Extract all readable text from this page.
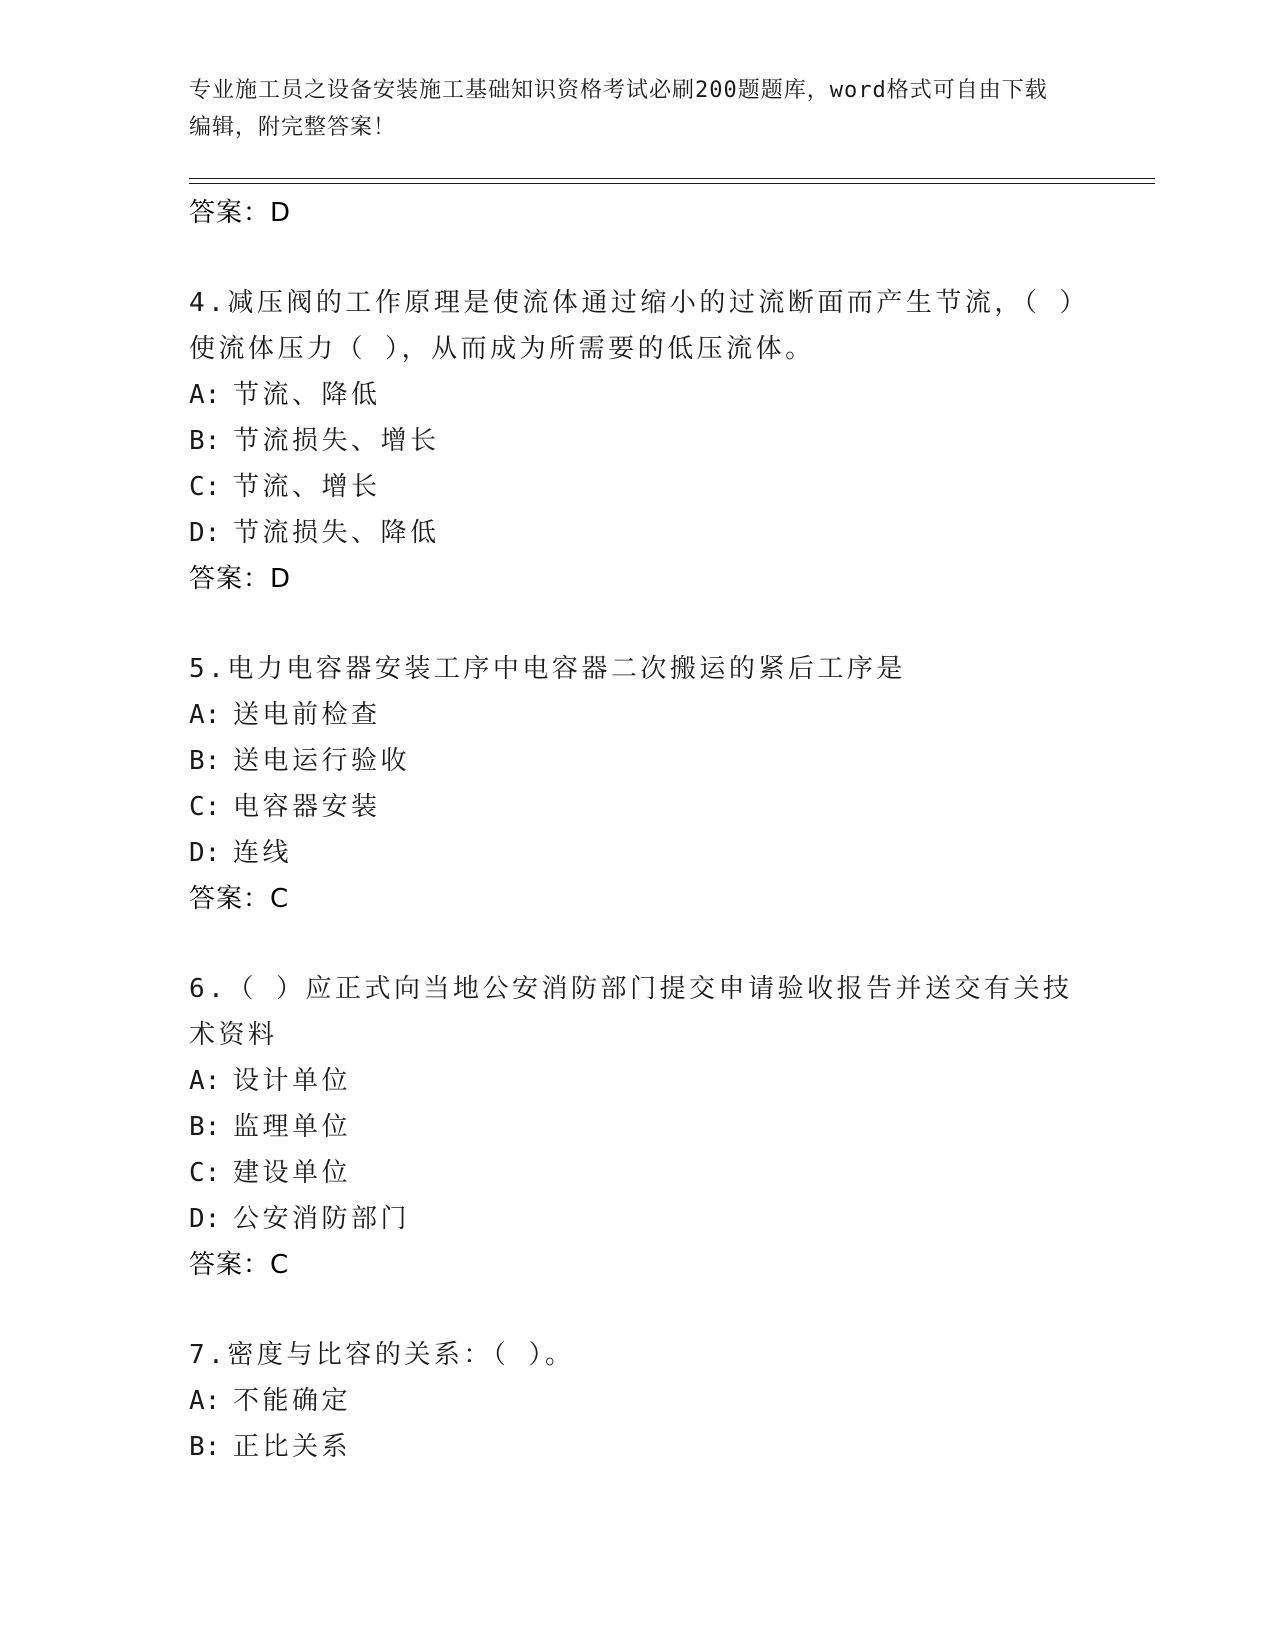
专业施工员之设备安装施工基础知识资格考试必刷200题题库，word格式可自由下载编辑，附完整答案！
答案：D
4.减压阀的工作原理是使流体通过缩小的过流断面而产生节流，（ ）使流体压力（ ），从而成为所需要的低压流体。
A: 节流、降低
B: 节流损失、增长
C: 节流、增长
D: 节流损失、降低
答案：D
5.电力电容器安装工序中电容器二次搬运的紧后工序是
A: 送电前检查
B: 送电运行验收
C: 电容器安装
D: 连线
答案：C
6.（ ）应正式向当地公安消防部门提交申请验收报告并送交有关技术资料
A: 设计单位
B: 监理单位
C: 建设单位
D: 公安消防部门
答案：C
7.密度与比容的关系：（ ）。
A: 不能确定
B: 正比关系
